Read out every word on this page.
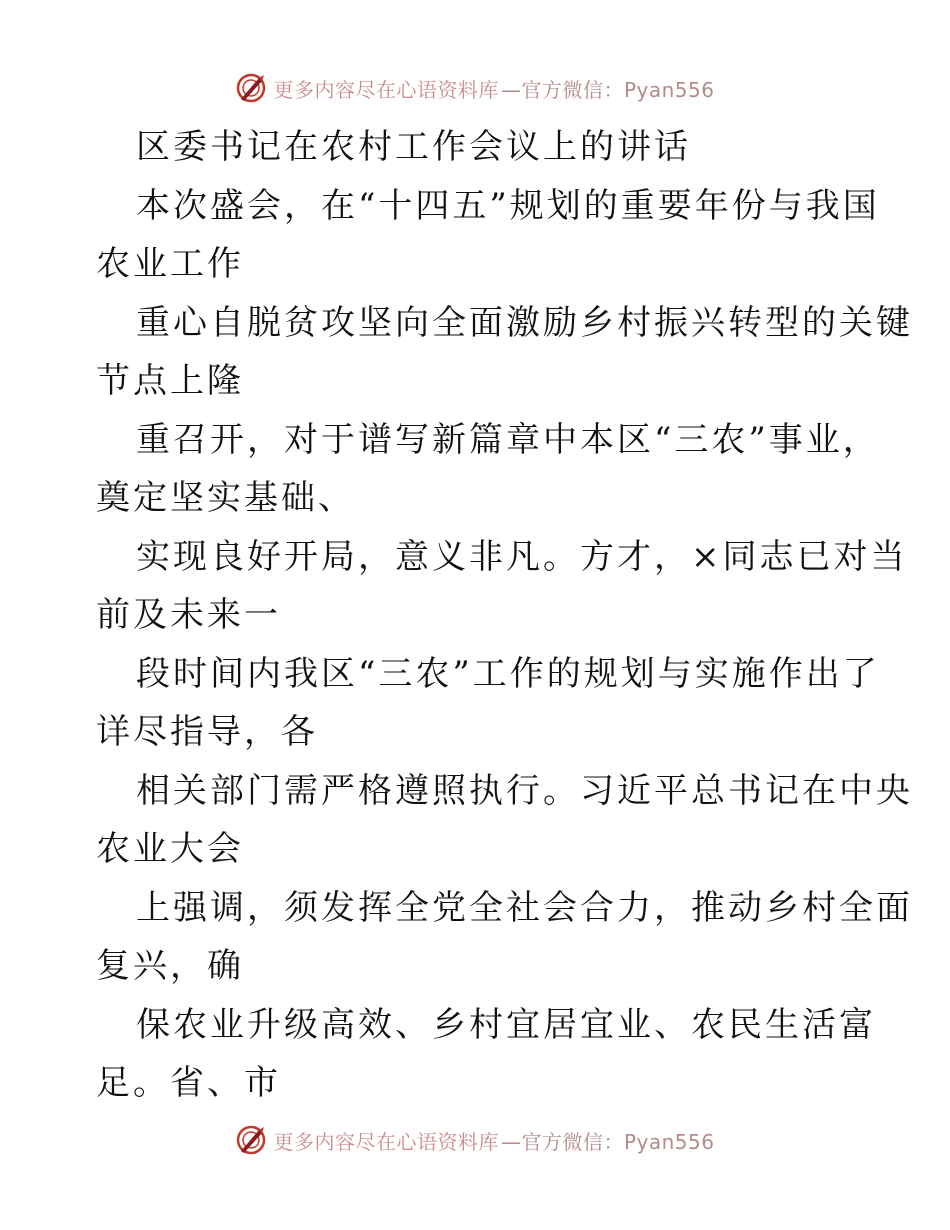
更多内容尽在心语资料库 —官方微信：Pyan556
区委书记在农村工作会议上的讲话
本次盛会，在“十四五”规划的重要年份与我国
农业工作
重心自脱贫攻坚向全面激励乡村振兴转型的关键
节点上隆
重召开，对于谱写新篇章中本区“三农”事业，
奠定坚实基础、
实现良好开局，意义非凡。方才，×同志已对当
前及未来一
段时间内我区“三农”工作的规划与实施作出了
详尽指导，各
相关部门需严格遵照执行。习近平总书记在中央
农业大会
上强调，须发挥全党全社会合力，推动乡村全面
复兴，确
保农业升级高效、乡村宜居宜业、农民生活富
足。省、市
更多内容尽在心语资料库 —官方微信：Pyan556
